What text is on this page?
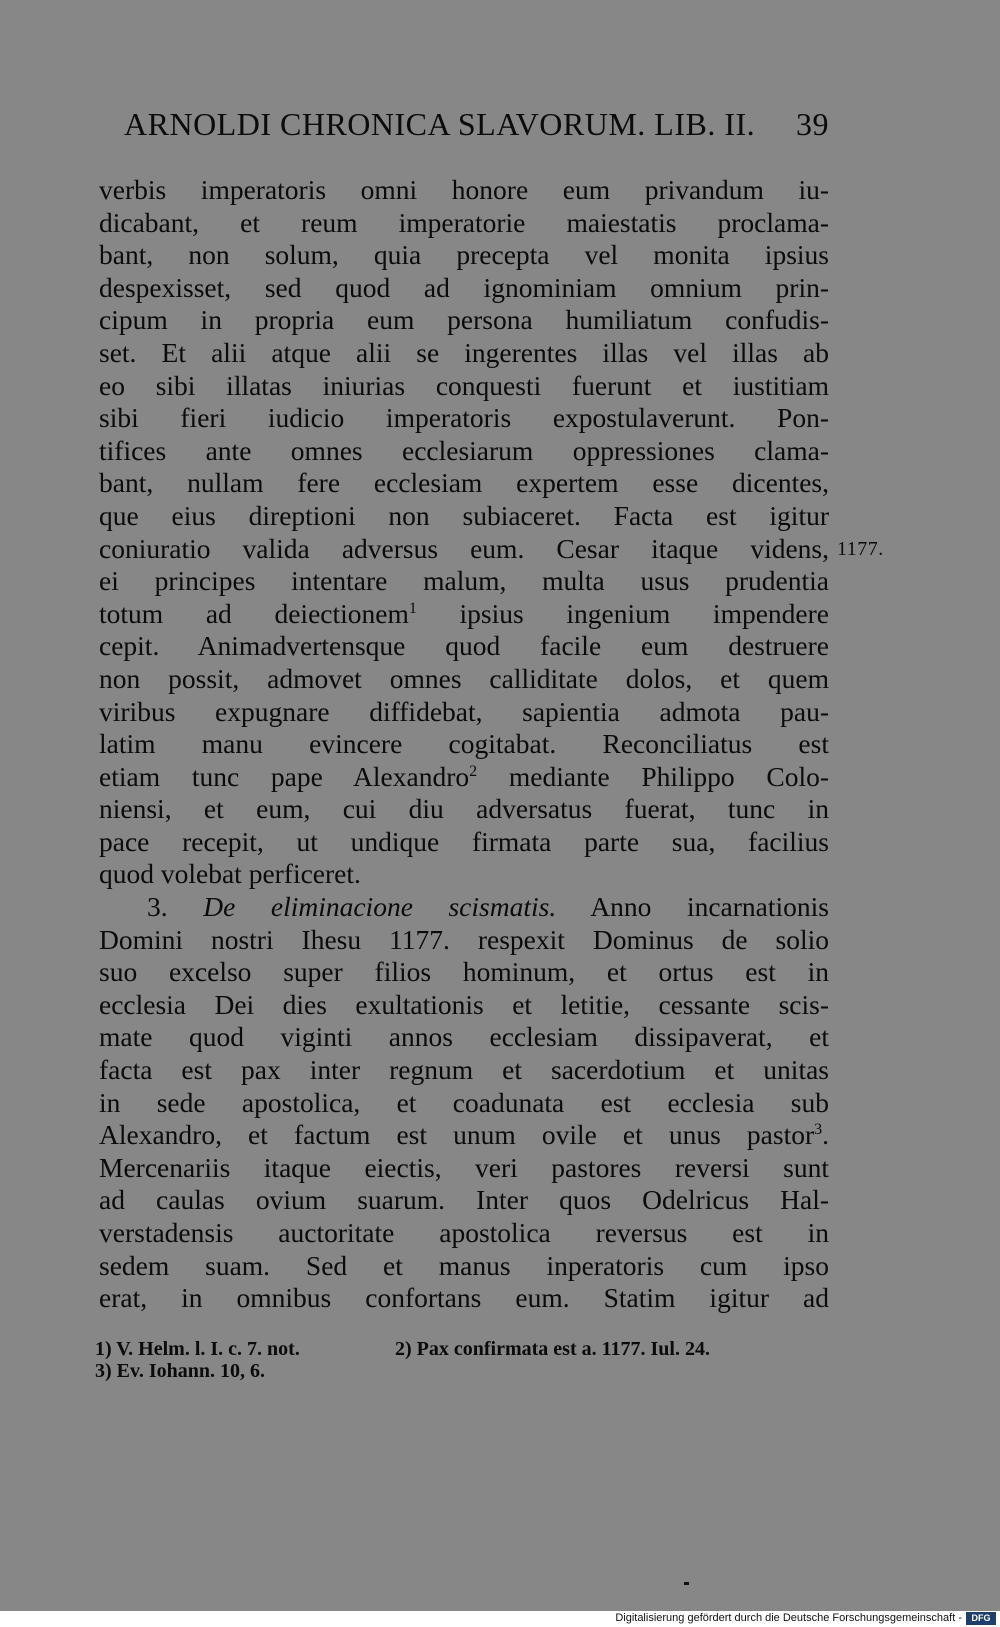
ARNOLDI CHRONICA SLAVORUM. LIB. II. 39
verbis imperatoris omni honore eum privandum iu-
dicabant, et reum imperatorie maiestatis proclama-
bant, non solum, quia precepta vel monita ipsius
despexisset, sed quod ad ignominiam omnium prin-
cipum in propria eum persona humiliatum confudis-
set. Et alii atque alii se ingerentes illas vel illas ab
eo sibi illatas iniurias conquesti fuerunt et iustitiam
sibi fieri iudicio imperatoris expostulaverunt. Pon-
tifices ante omnes ecclesiarum oppressiones clama-
bant, nullam fere ecclesiam expertem esse dicentes,
que eius direptioni non subiaceret. Facta est igitur
coniuratio valida adversus eum. Cesar itaque videns, 1177.
ei principes intentare malum, multa usus prudentia
totum ad deiectionem$^1$ ipsius ingenium impendere
cepit. Animadvertensque quod facile eum destruere
non possit, admovet omnes calliditate dolos, et quem
viribus expugnare diffidebat, sapientia admota pau-
latim manu evincere cogitabat. Reconciliatus est
etiam tunc pape Alexandro$^2$ mediante Philippo Colo-
niensi, et eum, cui diu adversatus fuerat, tunc in
pace recepit, ut undique firmata parte sua, facilius
quod volebat perficeret.
3. De eliminacione scismatis. Anno incarnationis
Domini nostri Ihesu 1177. respexit Dominus de solio
suo excelso super filios hominum, et ortus est in
ecclesia Dei dies exultationis et letitie, cessante scis-
mate quod viginti annos ecclesiam dissipaverat, et
facta est pax inter regnum et sacerdotium et unitas
in sede apostolica, et coadunata est ecclesia sub
Alexandro, et factum est unum ovile et unus pastor$^3$.
Mercenariis itaque eiectis, veri pastores reversi sunt
ad caulas ovium suarum. Inter quos Odelricus Hal-
verstadensis auctoritate apostolica reversus est in
sedem suam. Sed et manus inperatoris cum ipso
erat, in omnibus confortans eum. Statim igitur ad
1) V. Helm. l. I. c. 7. not.	2) Pax confirmata est a. 1177. Iul. 24.
3) Ev. Iohann. 10, 6.
Digitalisierung gefördert durch die Deutsche Forschungsgemeinschaft -	DFG
